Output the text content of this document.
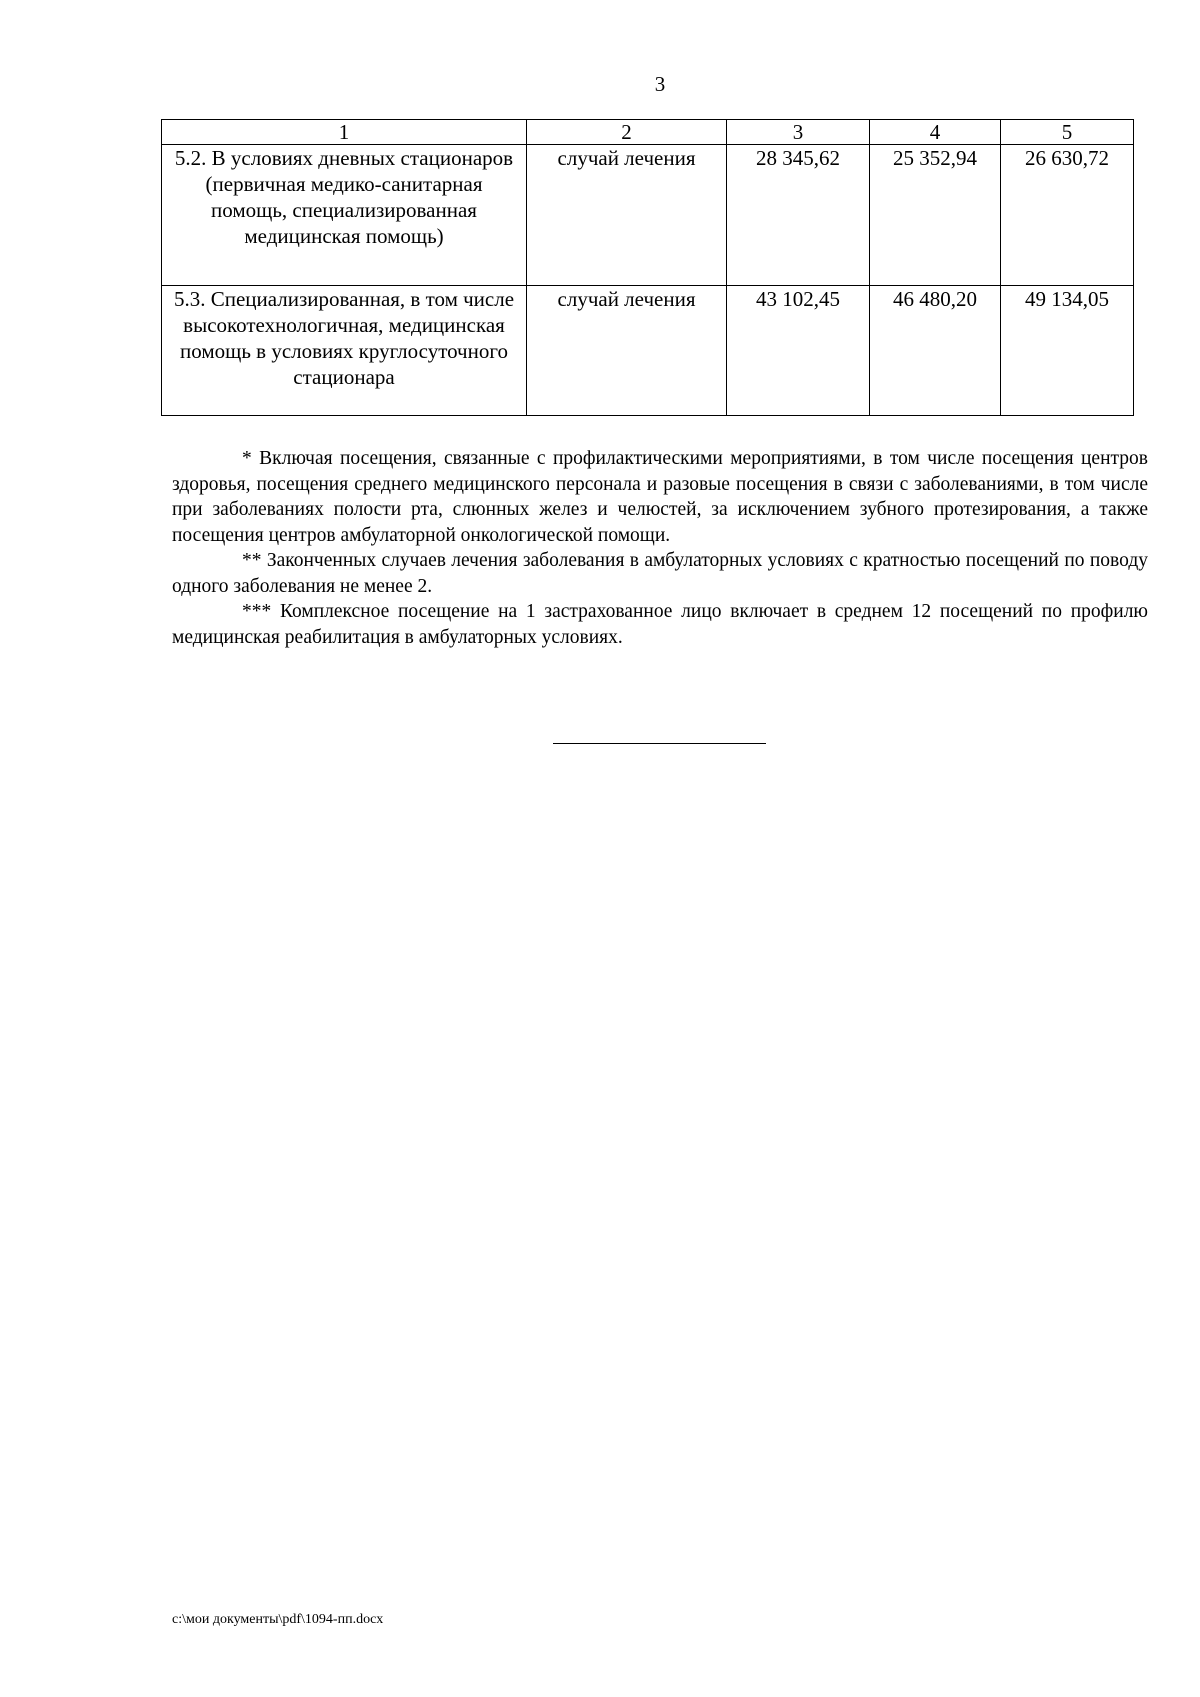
3
1	2	3	4	5
5.2. В условиях дневных стационаров (первичная медико-санитарная помощь, специализированная медицинская помощь)	случай лечения	28 345,62	25 352,94	26 630,72
5.3. Специализированная, в том числе высокотехнологичная, медицинская помощь в условиях круглосуточного стационара	случай лечения	43 102,45	46 480,20	49 134,05

* Включая посещения, связанные с профилактическими мероприятиями, в том числе посещения центров здоровья, посещения среднего медицинского персонала и разовые посещения в связи с заболеваниями, в том числе при заболеваниях полости рта, слюнных желез и челюстей, за исключением зубного протезирования, а также посещения центров амбулаторной онкологической помощи.

** Законченных случаев лечения заболевания в амбулаторных условиях с кратностью посещений по поводу одного заболевания не менее 2.

*** Комплексное посещение на 1 застрахованное лицо включает в среднем 12 посещений по профилю медицинская реабилитация в амбулаторных условиях.

c:\мои документы\pdf\1094-пп.docx
